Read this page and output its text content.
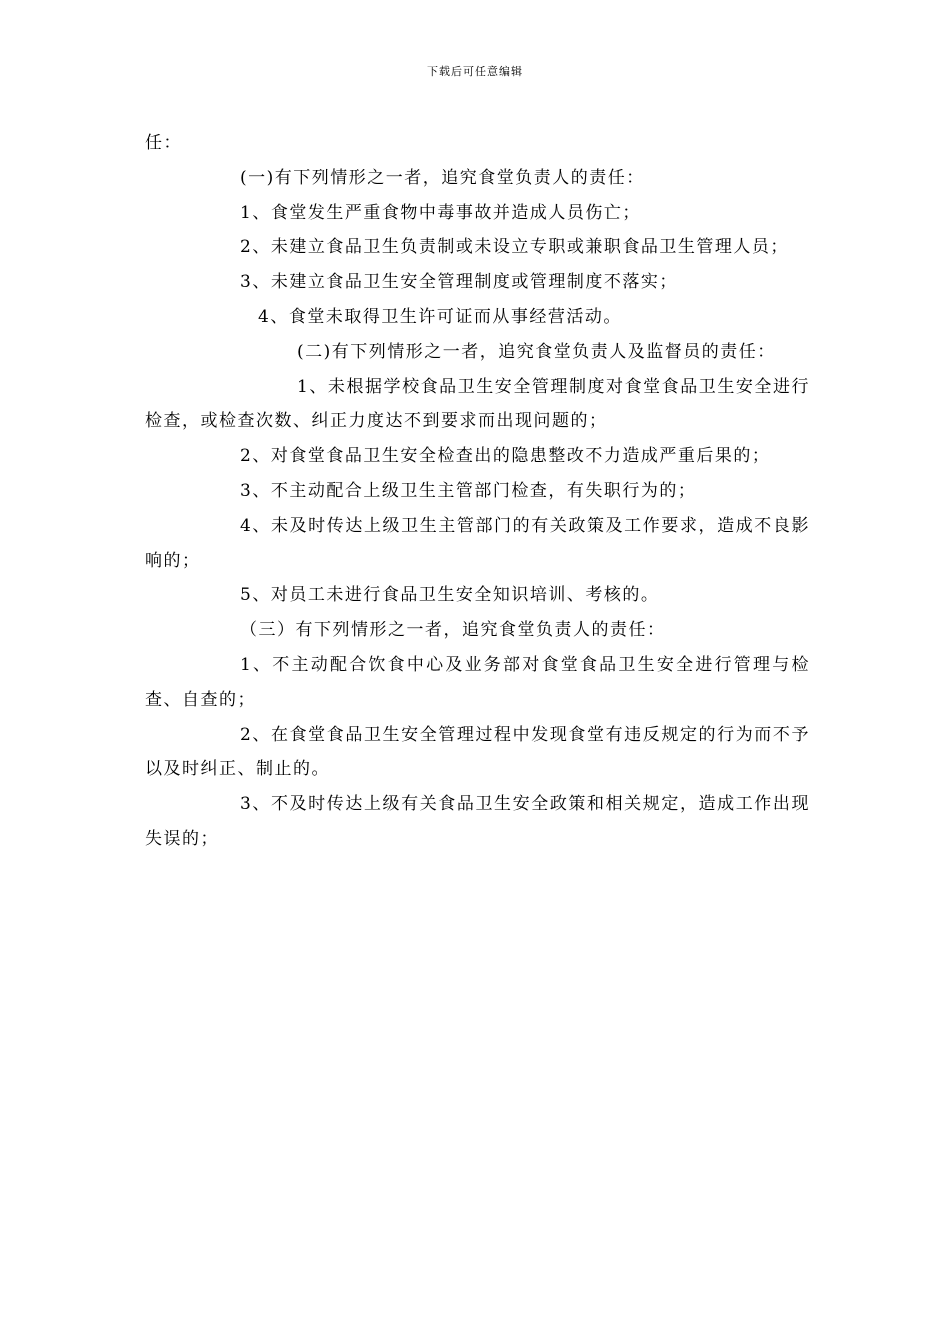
下载后可任意编辑

任：

(一)有下列情形之一者，追究食堂负责人的责任：

1、食堂发生严重食物中毒事故并造成人员伤亡；

2、未建立食品卫生负责制或未设立专职或兼职食品卫生管理人员；

3、未建立食品卫生安全管理制度或管理制度不落实；

4、食堂未取得卫生许可证而从事经营活动。

(二)有下列情形之一者，追究食堂负责人及监督员的责任：

1、未根据学校食品卫生安全管理制度对食堂食品卫生安全进行检查，或检查次数、纠正力度达不到要求而出现问题的；

2、对食堂食品卫生安全检查出的隐患整改不力造成严重后果的；

3、不主动配合上级卫生主管部门检查，有失职行为的；

4、未及时传达上级卫生主管部门的有关政策及工作要求，造成不良影响的；

5、对员工未进行食品卫生安全知识培训、考核的。

（三）有下列情形之一者，追究食堂负责人的责任：

1、不主动配合饮食中心及业务部对食堂食品卫生安全进行管理与检查、自查的；

2、在食堂食品卫生安全管理过程中发现食堂有违反规定的行为而不予以及时纠正、制止的。

3、不及时传达上级有关食品卫生安全政策和相关规定，造成工作出现失误的；
